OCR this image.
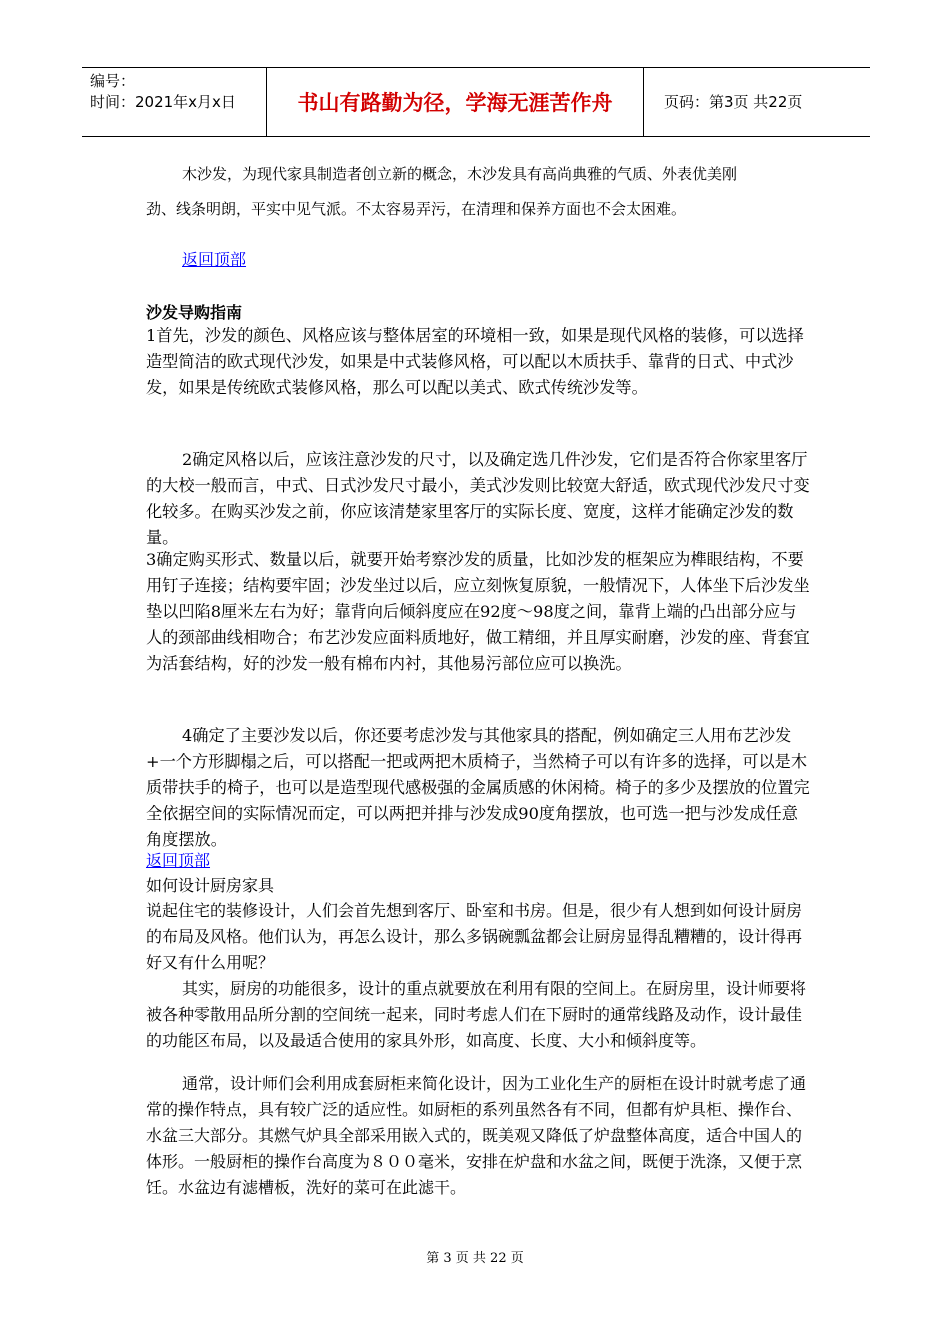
编号：
时间：2021年x月x日	书山有路勤为径，学海无涯苦作舟	页码：第3页 共22页
木沙发，为现代家具制造者创立新的概念，木沙发具有高尚典雅的气质、外表优美刚
劲、线条明朗，平实中见气派。不太容易弄污，在清理和保养方面也不会太困难。
返回顶部
沙发导购指南
1首先，沙发的颜色、风格应该与整体居室的环境相一致，如果是现代风格的装修，可以选择造型简洁的欧式现代沙发，如果是中式装修风格，可以配以木质扶手、靠背的日式、中式沙发，如果是传统欧式装修风格，那么可以配以美式、欧式传统沙发等。
2确定风格以后，应该注意沙发的尺寸，以及确定选几件沙发，它们是否符合你家里客厅的大校一般而言，中式、日式沙发尺寸最小，美式沙发则比较宽大舒适，欧式现代沙发尺寸变化较多。在购买沙发之前，你应该清楚家里客厅的实际长度、宽度，这样才能确定沙发的数量。
3确定购买形式、数量以后，就要开始考察沙发的质量，比如沙发的框架应为榫眼结构，不要用钉子连接；结构要牢固；沙发坐过以后，应立刻恢复原貌，一般情况下，人体坐下后沙发坐垫以凹陷8厘米左右为好；靠背向后倾斜度应在92度～98度之间，靠背上端的凸出部分应与人的颈部曲线相吻合；布艺沙发应面料质地好，做工精细，并且厚实耐磨，沙发的座、背套宜为活套结构，好的沙发一般有棉布内衬，其他易污部位应可以换洗。
4确定了主要沙发以后，你还要考虑沙发与其他家具的搭配，例如确定三人用布艺沙发+一个方形脚榻之后，可以搭配一把或两把木质椅子，当然椅子可以有许多的选择，可以是木质带扶手的椅子，也可以是造型现代感极强的金属质感的休闲椅。椅子的多少及摆放的位置完全依据空间的实际情况而定，可以两把并排与沙发成90度角摆放，也可选一把与沙发成任意角度摆放。
返回顶部
如何设计厨房家具
说起住宅的装修设计，人们会首先想到客厅、卧室和书房。但是，很少有人想到如何设计厨房的布局及风格。他们认为，再怎么设计，那么多锅碗瓢盆都会让厨房显得乱糟糟的，设计得再好又有什么用呢？
其实，厨房的功能很多，设计的重点就要放在利用有限的空间上。在厨房里，设计师要将被各种零散用品所分割的空间统一起来，同时考虑人们在下厨时的通常线路及动作，设计最佳的功能区布局，以及最适合使用的家具外形，如高度、长度、大小和倾斜度等。
通常，设计师们会利用成套厨柜来简化设计，因为工业化生产的厨柜在设计时就考虑了通常的操作特点，具有较广泛的适应性。如厨柜的系列虽然各有不同，但都有炉具柜、操作台、水盆三大部分。其燃气炉具全部采用嵌入式的，既美观又降低了炉盘整体高度，适合中国人的体形。一般厨柜的操作台高度为８００毫米，安排在炉盘和水盆之间，既便于洗涤，又便于烹饪。水盆边有滤槽板，洗好的菜可在此滤干。
第 3 页 共 22 页
